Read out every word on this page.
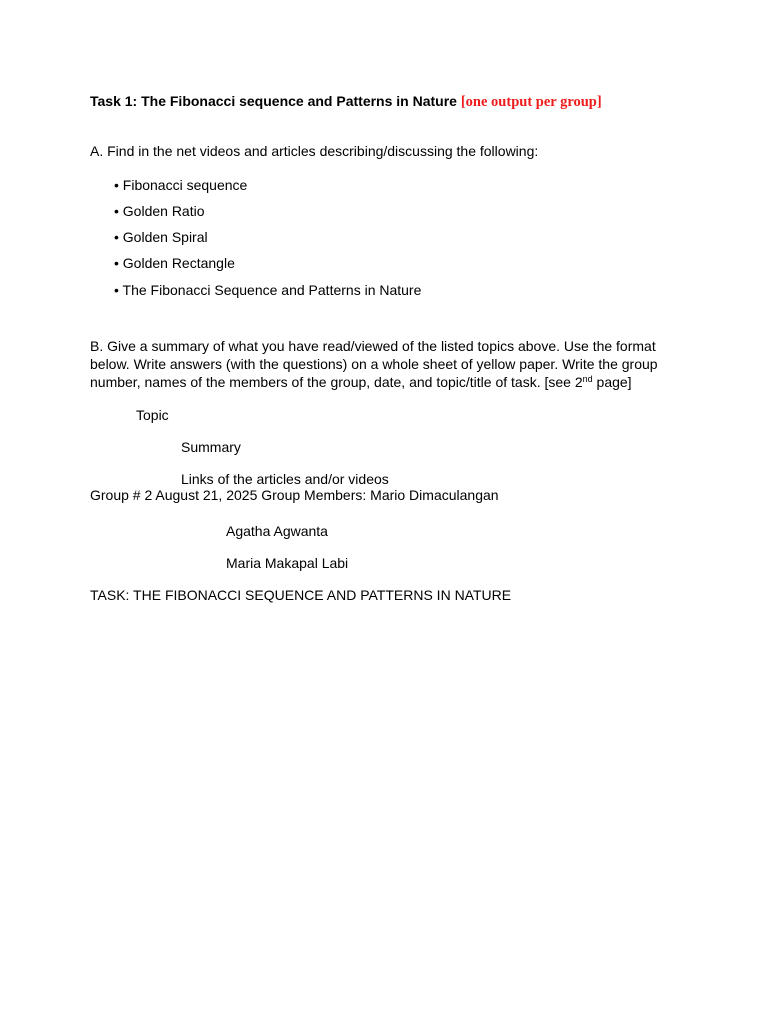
Task 1: The Fibonacci sequence and Patterns in Nature [one output per group]
A. Find in the net videos and articles describing/discussing the following:
• Fibonacci sequence
• Golden Ratio
• Golden Spiral
• Golden Rectangle
• The Fibonacci Sequence and Patterns in Nature
B. Give a summary of what you have read/viewed of the listed topics above. Use the format
below. Write answers (with the questions) on a whole sheet of yellow paper. Write the group
number, names of the members of the group, date, and topic/title of task. [see 2nd page]
Topic
Summary
Links of the articles and/or videos
Group # 2 August 21, 2025 Group Members: Mario Dimaculangan
Agatha Agwanta
Maria Makapal Labi
TASK: THE FIBONACCI SEQUENCE AND PATTERNS IN NATURE
